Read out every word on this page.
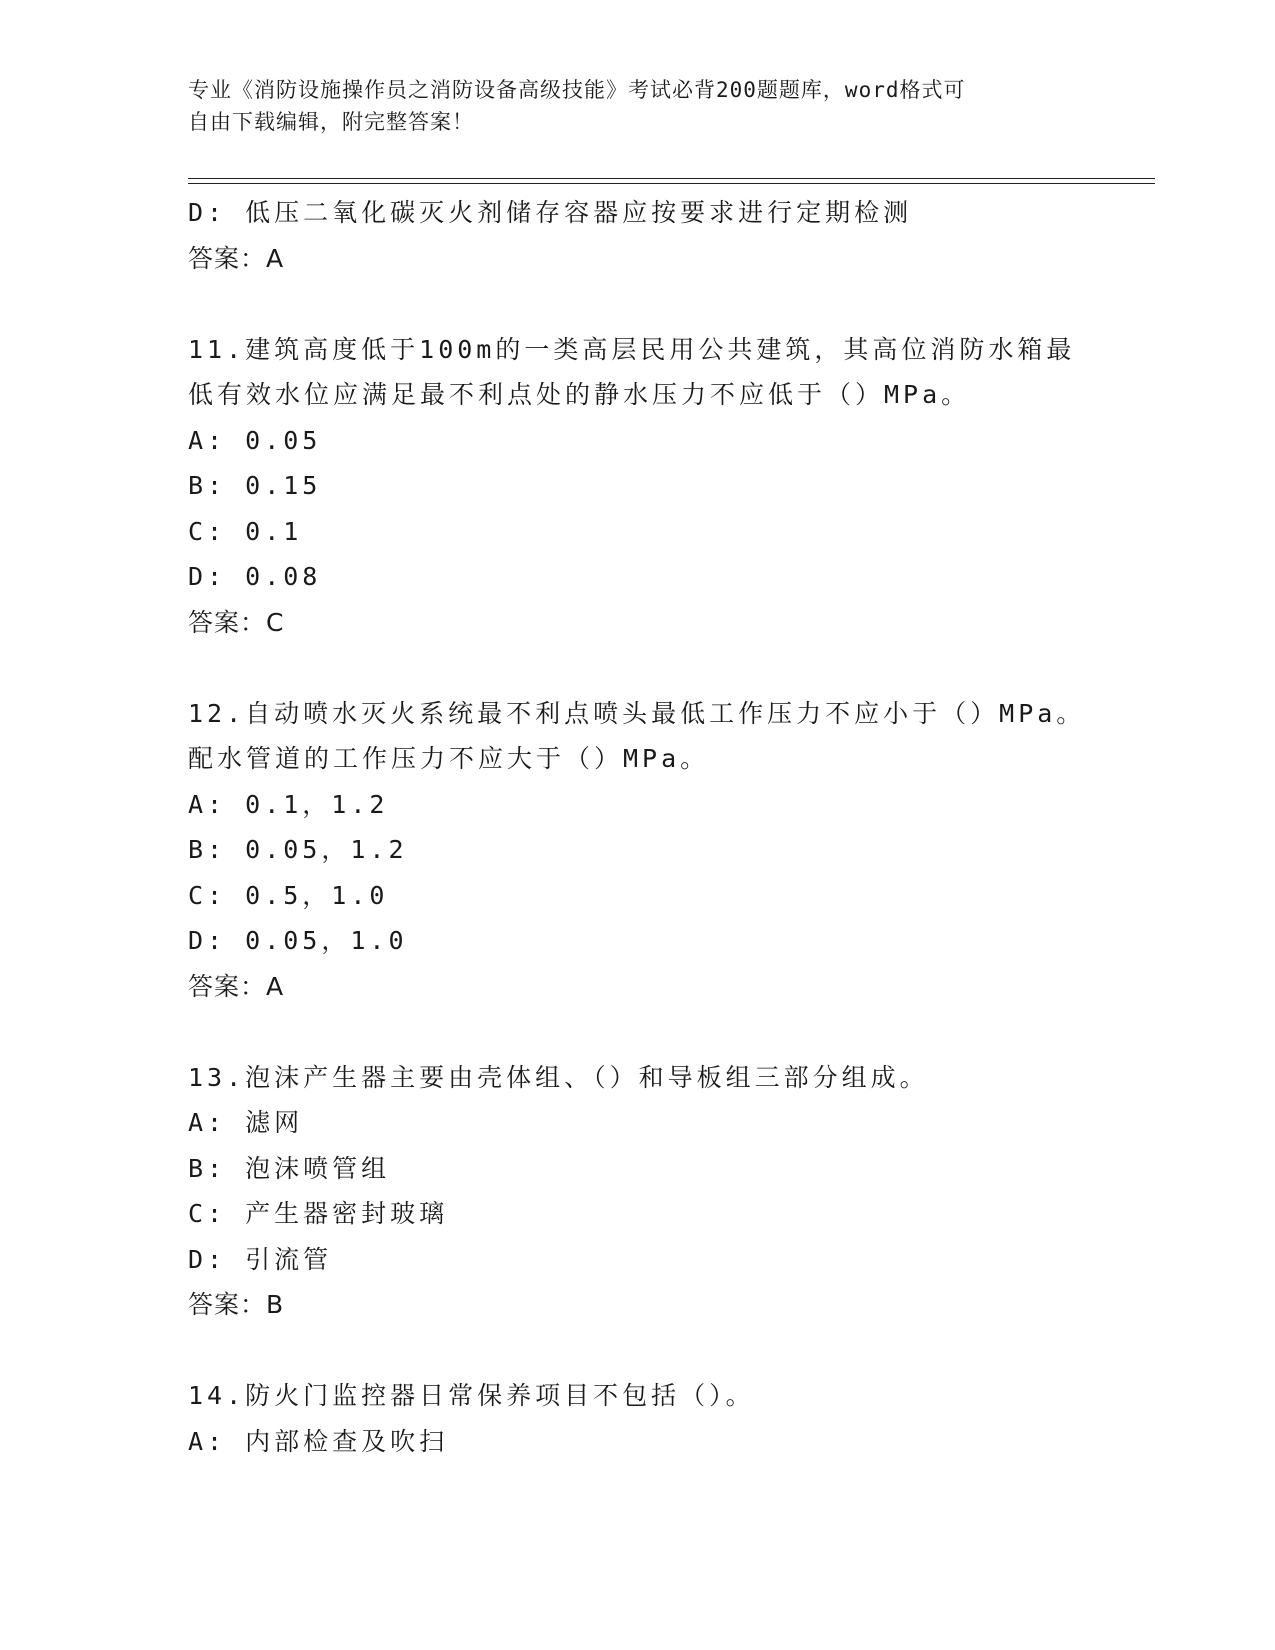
专业《消防设施操作员之消防设备高级技能》考试必背200题题库，word格式可
自由下载编辑，附完整答案！
D: 低压二氧化碳灭火剂储存容器应按要求进行定期检测
答案：A
11.建筑高度低于100m的一类高层民用公共建筑，其高位消防水箱最
低有效水位应满足最不利点处的静水压力不应低于（）MPa。
A: 0.05
B: 0.15
C: 0.1
D: 0.08
答案：C
12.自动喷水灭火系统最不利点喷头最低工作压力不应小于（）MPa。
配水管道的工作压力不应大于（）MPa。
A: 0.1，1.2
B: 0.05，1.2
C: 0.5，1.0
D: 0.05，1.0
答案：A
13.泡沫产生器主要由壳体组、（）和导板组三部分组成。
A: 滤网
B: 泡沫喷管组
C: 产生器密封玻璃
D: 引流管
答案：B
14.防火门监控器日常保养项目不包括（）。
A: 内部检查及吹扫
